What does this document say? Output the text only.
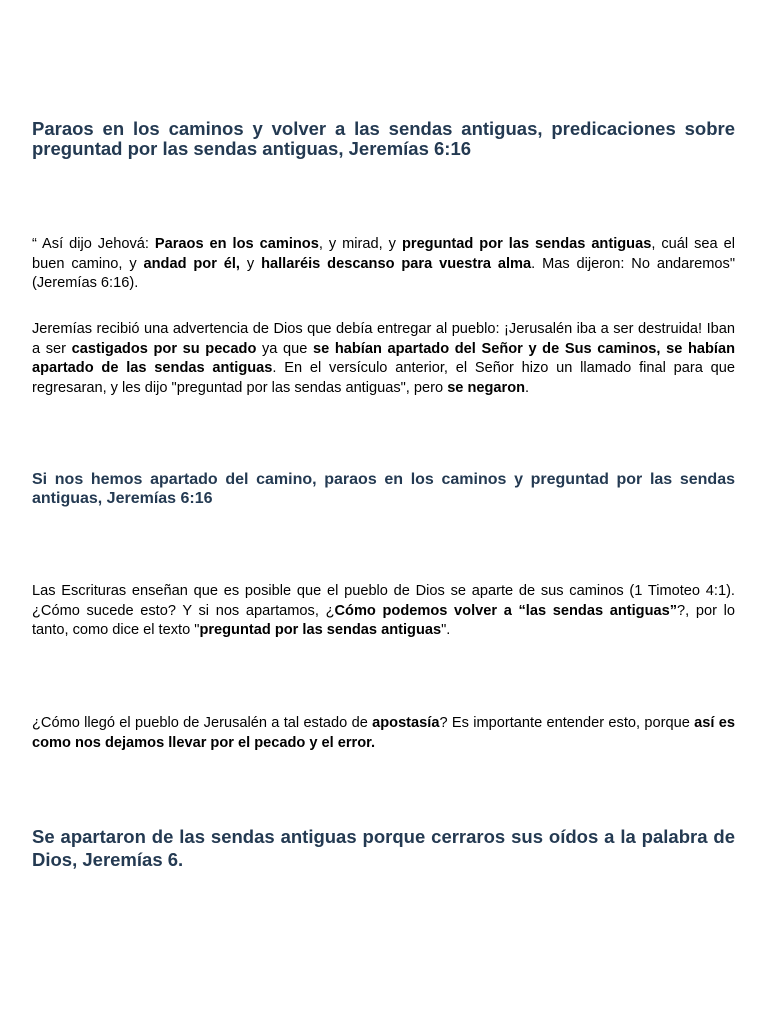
Paraos en los caminos y volver a las sendas antiguas, predicaciones sobre preguntad por las sendas antiguas, Jeremías 6:16

“ Así dijo Jehová: Paraos en los caminos, y mirad, y preguntad por las sendas antiguas, cuál sea el buen camino, y andad por él, y hallaréis descanso para vuestra alma. Mas dijeron: No andaremos" (Jeremías 6:16).

Jeremías recibió una advertencia de Dios que debía entregar al pueblo: ¡Jerusalén iba a ser destruida! Iban a ser castigados por su pecado ya que se habían apartado del Señor y de Sus caminos, se habían apartado de las sendas antiguas. En el versículo anterior, el Señor hizo un llamado final para que regresaran, y les dijo "preguntad por las sendas antiguas", pero se negaron.

Si nos hemos apartado del camino, paraos en los caminos y preguntad por las sendas antiguas, Jeremías 6:16

Las Escrituras enseñan que es posible que el pueblo de Dios se aparte de sus caminos (1 Timoteo 4:1). ¿Cómo sucede esto? Y si nos apartamos, ¿Cómo podemos volver a “las sendas antiguas”?, por lo tanto, como dice el texto "preguntad por las sendas antiguas".

¿Cómo llegó el pueblo de Jerusalén a tal estado de apostasía? Es importante entender esto, porque así es como nos dejamos llevar por el pecado y el error.

Se apartaron de las sendas antiguas porque cerraros sus oídos a la palabra de Dios, Jeremías 6.
